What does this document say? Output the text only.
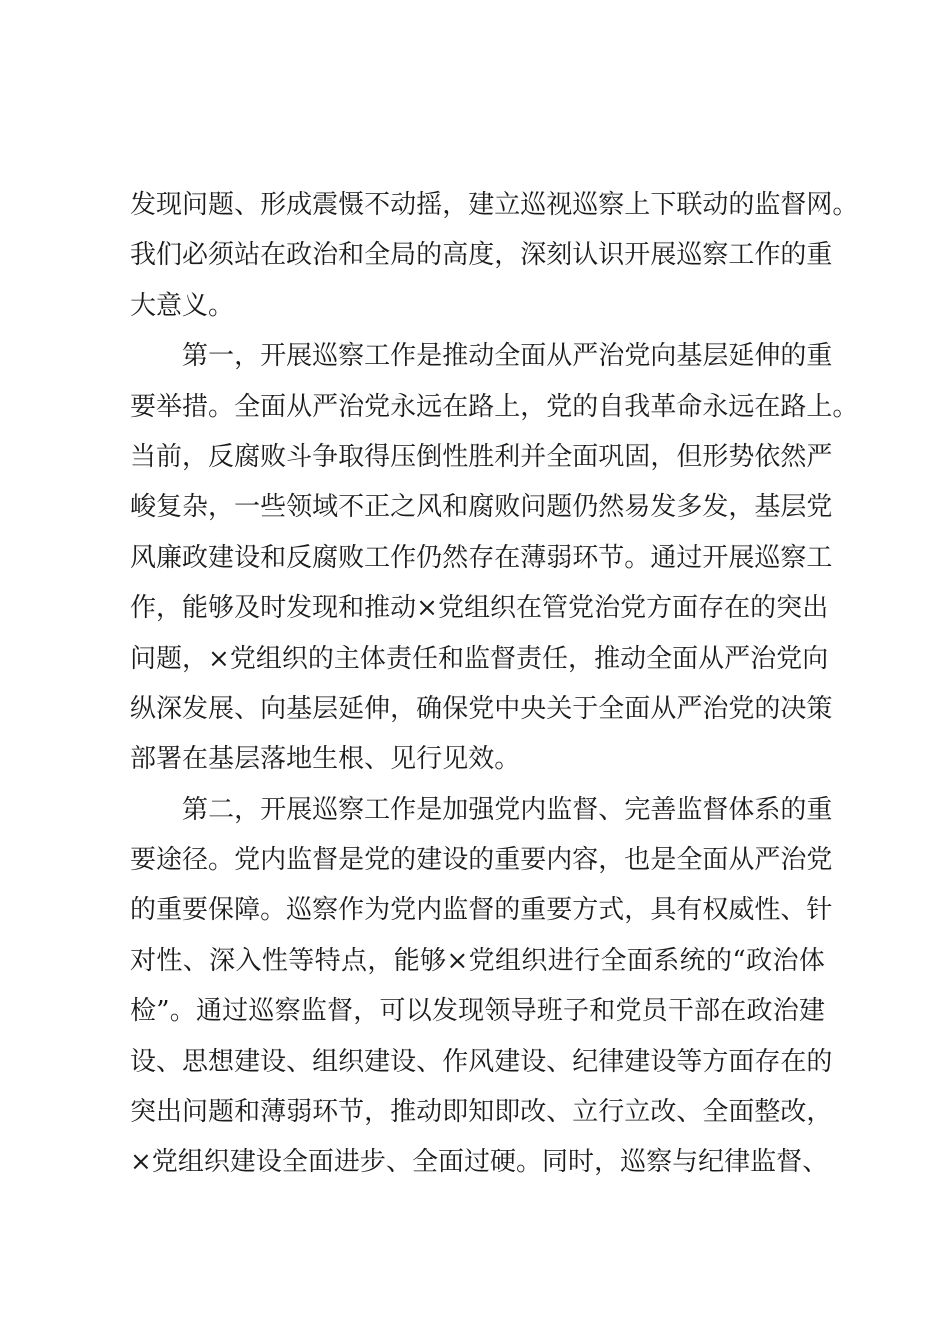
发 现 问 题 、 形 成 震 慑 不 动 摇 ， 建 立 巡 视 巡 察 上 下 联 动 的 监 督 网 。
我 们 必 须 站 在 政 治 和 全 局 的 高 度 ， 深 刻 认 识 开 展 巡 察 工 作 的 重
大 意 义 。
第 一 ， 开 展 巡 察 工 作 是 推 动 全 面 从 严 治 党 向 基 层 延 伸 的 重
要 举 措 。 全 面 从 严 治 党 永 远 在 路 上 ， 党 的 自 我 革 命 永 远 在 路 上 。
当 前 ， 反 腐 败 斗 争 取 得 压 倒 性 胜 利 并 全 面 巩 固 ， 但 形 势 依 然 严
峻 复 杂 ， 一 些 领 域 不 正 之 风 和 腐 败 问 题 仍 然 易 发 多 发 ， 基 层 党
风 廉 政 建 设 和 反 腐 败 工 作 仍 然 存 在 薄 弱 环 节 。 通 过 开 展 巡 察 工
作 ， 能 够 及 时 发 现 和 推 动 × 党 组 织 在 管 党 治 党 方 面 存 在 的 突 出
问 题 ， × 党 组 织 的 主 体 责 任 和 监 督 责 任 ， 推 动 全 面 从 严 治 党 向
纵 深 发 展 、 向 基 层 延 伸 ， 确 保 党 中 央 关 于 全 面 从 严 治 党 的 决 策
部 署 在 基 层 落 地 生 根 、 见 行 见 效 。
第 二 ， 开 展 巡 察 工 作 是 加 强 党 内 监 督 、 完 善 监 督 体 系 的 重
要 途 径 。 党 内 监 督 是 党 的 建 设 的 重 要 内 容 ， 也 是 全 面 从 严 治 党
的 重 要 保 障 。 巡 察 作 为 党 内 监 督 的 重 要 方 式 ， 具 有 权 威 性 、 针
对 性 、 深 入 性 等 特 点 ， 能 够 × 党 组 织 进 行 全 面 系 统 的 “ 政 治 体
检 ” 。 通 过 巡 察 监 督 ， 可 以 发 现 领 导 班 子 和 党 员 干 部 在 政 治 建
设 、 思 想 建 设 、 组 织 建 设 、 作 风 建 设 、 纪 律 建 设 等 方 面 存 在 的
突 出 问 题 和 薄 弱 环 节 ， 推 动 即 知 即 改 、 立 行 立 改 、 全 面 整 改 ，
× 党 组 织 建 设 全 面 进 步 、 全 面 过 硬 。 同 时 ， 巡 察 与 纪 律 监 督 、
